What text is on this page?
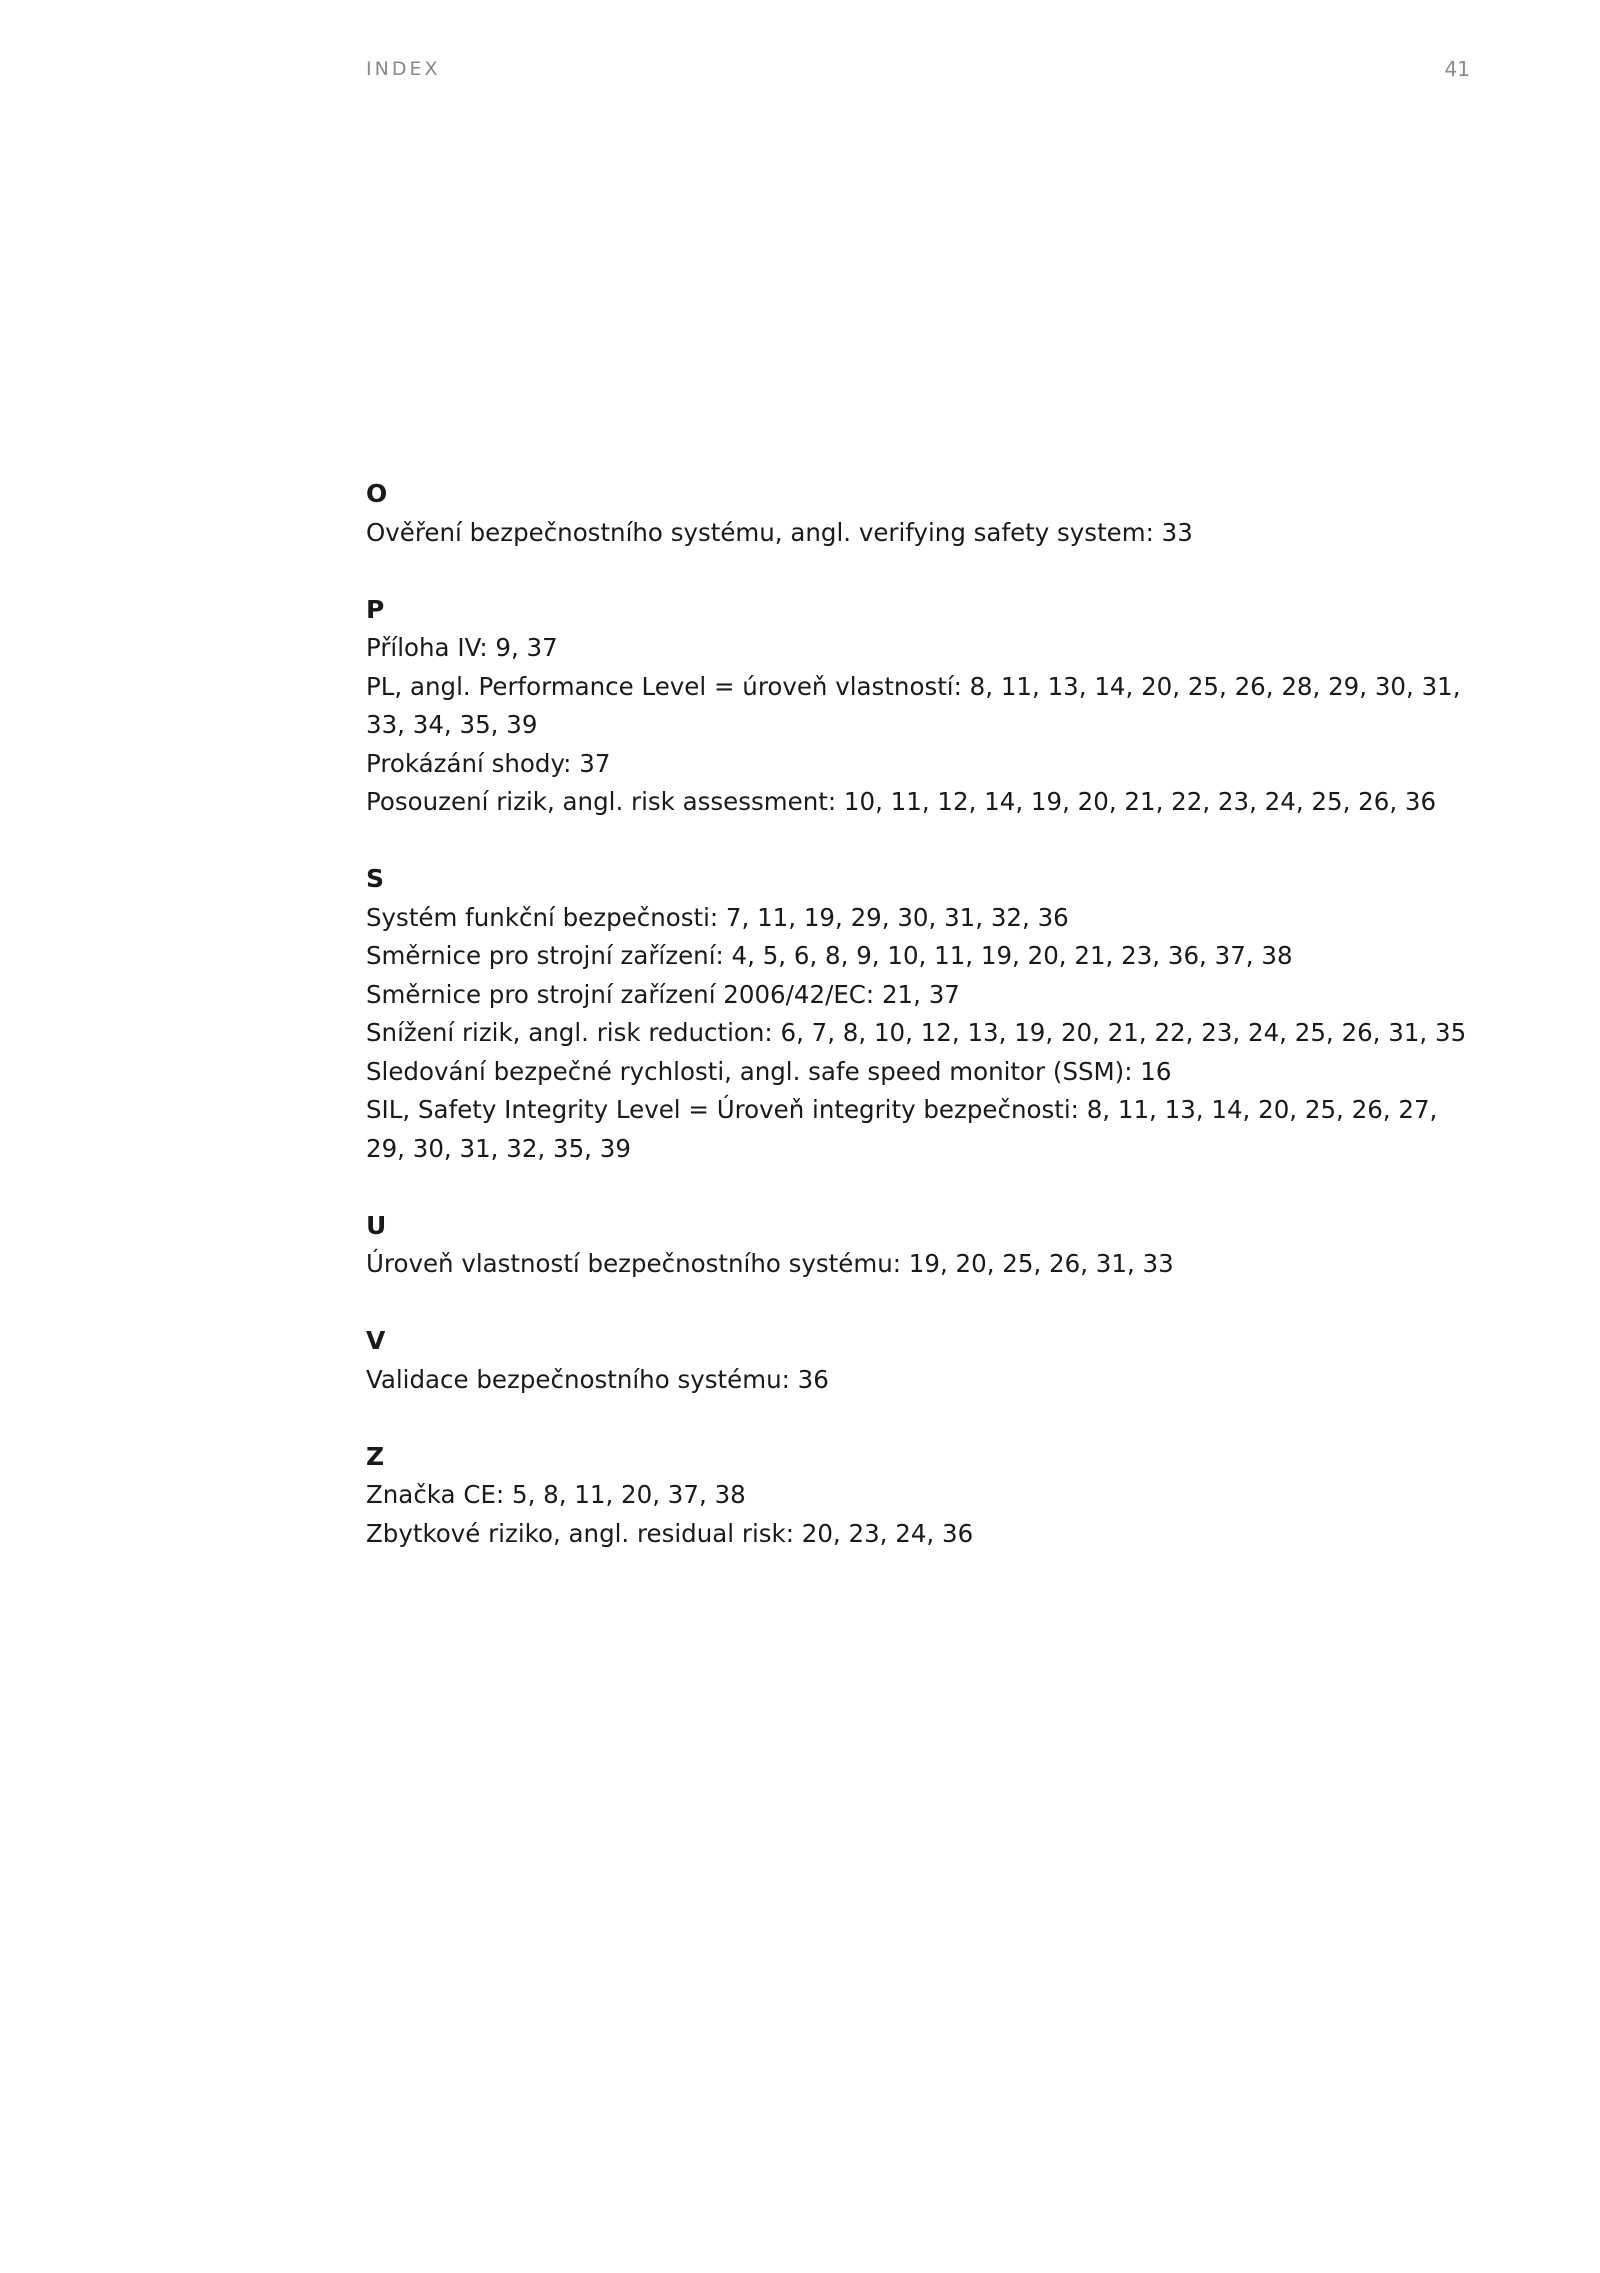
INDEX	41
O
Ověření bezpečnostního systému, angl. verifying safety system: 33
P
Příloha IV: 9, 37
PL, angl. Performance Level = úroveň vlastností: 8, 11, 13, 14, 20, 25, 26, 28, 29, 30, 31, 33, 34, 35, 39
Prokázání shody: 37
Posouzení rizik, angl. risk assessment: 10, 11, 12, 14, 19, 20, 21, 22, 23, 24, 25, 26, 36
S
Systém funkční bezpečnosti: 7, 11, 19, 29, 30, 31, 32, 36
Směrnice pro strojní zařízení: 4, 5, 6, 8, 9, 10, 11, 19, 20, 21, 23, 36, 37, 38
Směrnice pro strojní zařízení 2006/42/EC: 21, 37
Snížení rizik, angl. risk reduction: 6, 7, 8, 10, 12, 13, 19, 20, 21, 22, 23, 24, 25, 26, 31, 35
Sledování bezpečné rychlosti, angl. safe speed monitor (SSM): 16
SIL, Safety Integrity Level = Úroveň integrity bezpečnosti: 8, 11, 13, 14, 20, 25, 26, 27, 29, 30, 31, 32, 35, 39
U
Úroveň vlastností bezpečnostního systému: 19, 20, 25, 26, 31, 33
V
Validace bezpečnostního systému: 36
Z
Značka CE: 5, 8, 11, 20, 37, 38
Zbytkové riziko, angl. residual risk: 20, 23, 24, 36
